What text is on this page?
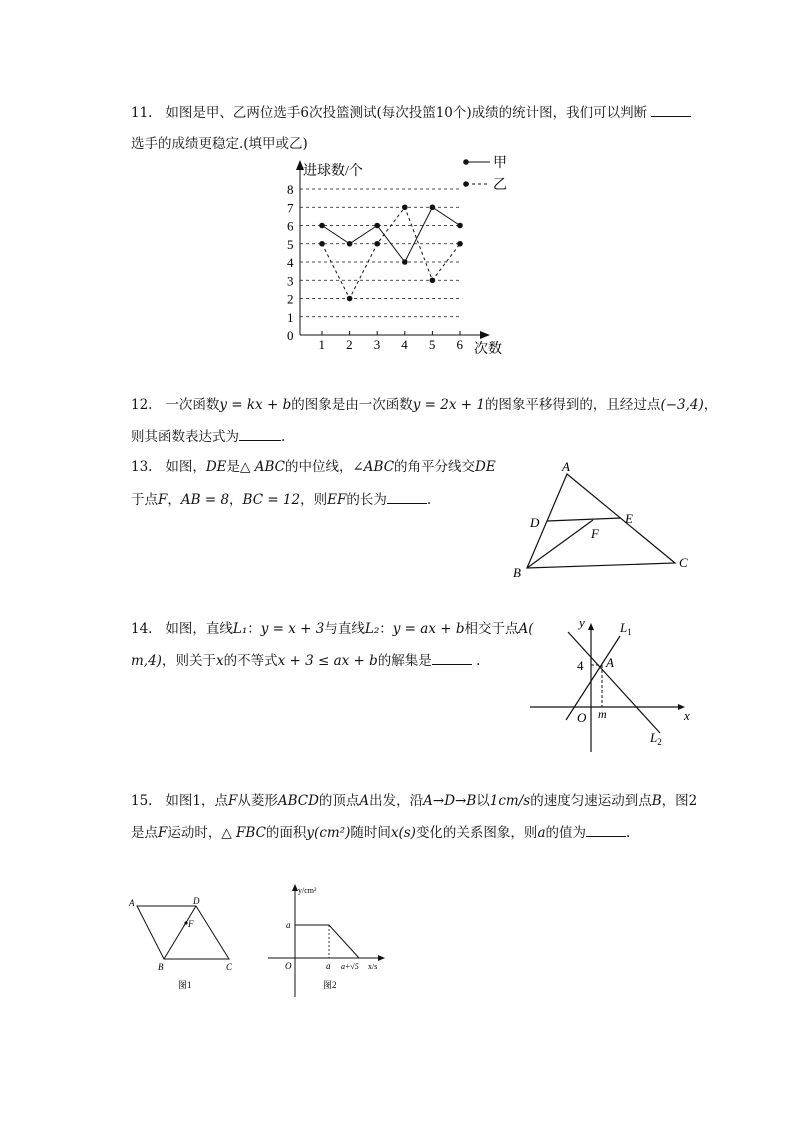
11. 如图是甲、乙两位选手6次投篮测试(每次投篮10个)成绩的统计图，我们可以判断
选手的成绩更稳定.(填甲或乙)
进球数/个
次数
0
1
2
3
4
5
6
7
8
1 2 3 4 5 6
甲
乙
12. 一次函数y = kx + b的图象是由一次函数y = 2x + 1的图象平移得到的，且经过点(−3,4)，
则其函数表达式为	.
13. 如图，DE是△ ABC的中位线，∠ABC的角平分线交DE
于点F，AB = 8，BC = 12，则EF的长为	.
A
B
C
D	E
F
14. 如图，直线L₁：y = x + 3与直线L₂：y = ax + b相交于点A(
m,4)，则关于x的不等式x + 3 ≤ ax + b的解集是	.
y
x
O
4 A
m
$L_1$
$L_2$
15. 如图1，点F从菱形ABCD的顶点A出发，沿A→D→B以1cm/s的速度匀速运动到点B，图2
是点F运动时，△ FBC的面积y(cm²)随时间x(s)变化的关系图象，则a的值为	.
A	D
F
B	C
图1
y/cm²
a
O	a a+√5 x/s
图2
